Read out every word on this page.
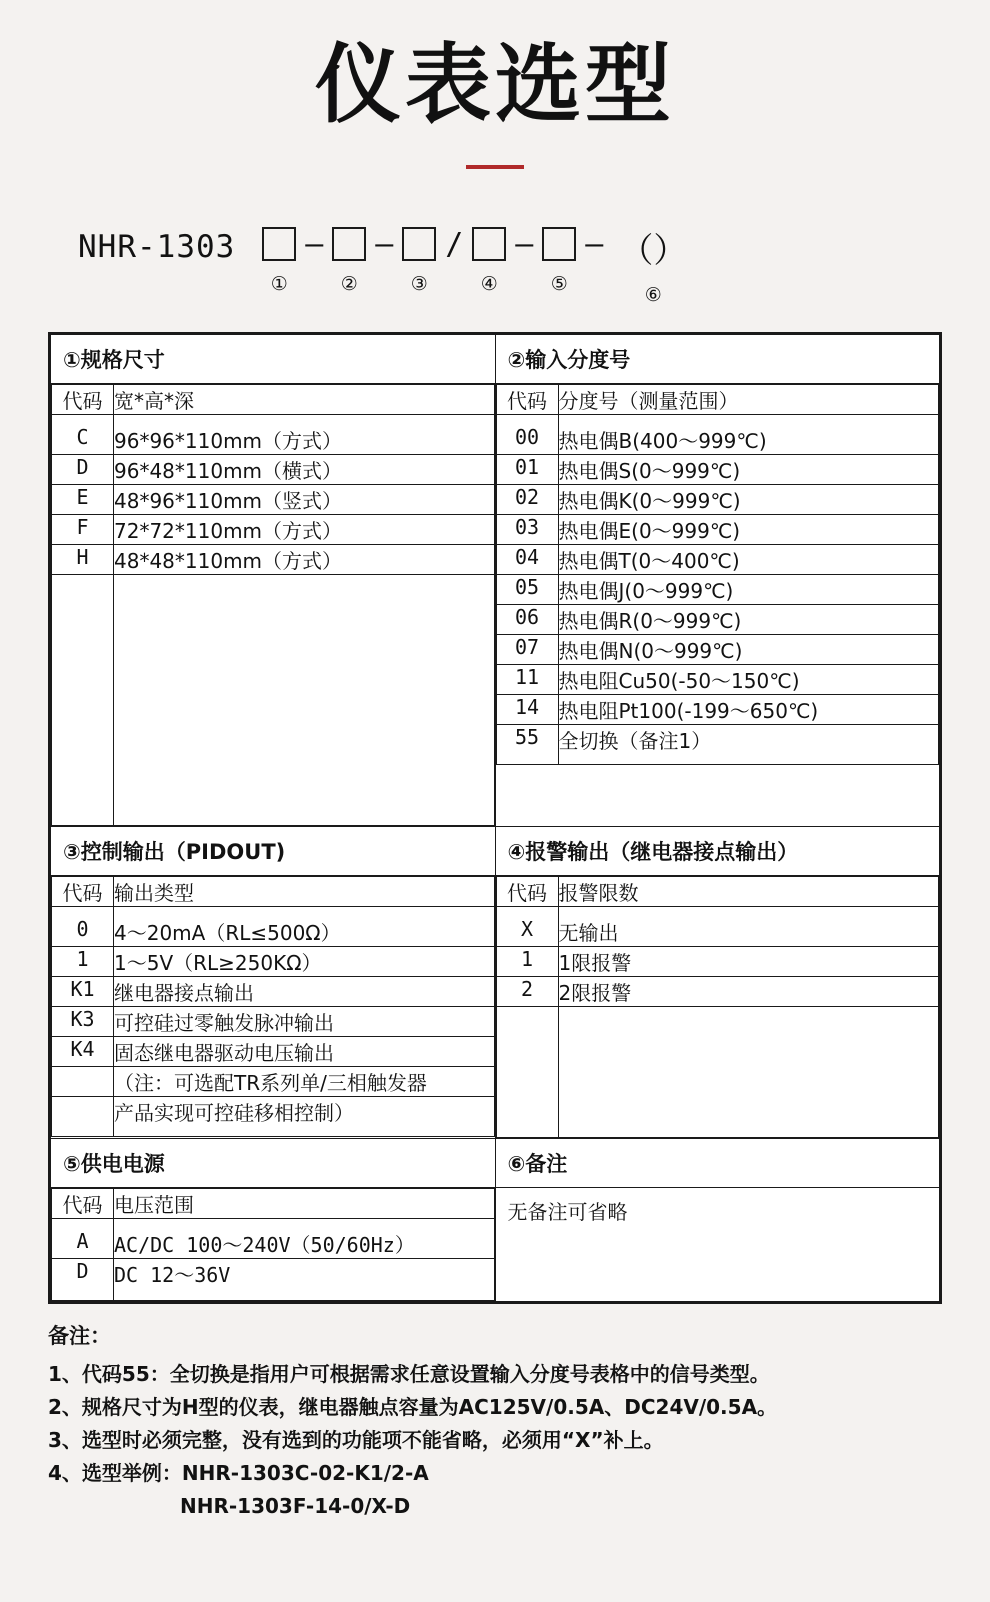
仪表选型
NHR-1303
①
—
②
—
③
/
④
—
⑤
— （ ）
⑥
①规格尺寸	②输入分度号

代码	宽*高*深
C	96*96*110mm（方式）
D	96*48*110mm（横式）
E	48*96*110mm（竖式）
F	72*72*110mm（方式）
H	48*48*110mm（方式）

代码	分度号（测量范围）
00	热电偶B(400～999℃)
01	热电偶S(0～999℃)
02	热电偶K(0～999℃)
03	热电偶E(0～999℃)
04	热电偶T(0～400℃)
05	热电偶J(0～999℃)
06	热电偶R(0～999℃)
07	热电偶N(0～999℃)
11	热电阻Cu50(-50～150℃)
14	热电阻Pt100(-199～650℃)
55	全切换（备注1）

③控制输出（PIDOUT)	④报警输出（继电器接点输出）

代码	输出类型
0	4～20mA（RL≤500Ω）
1	1～5V（RL≥250KΩ）
K1	继电器接点输出
K3	可控硅过零触发脉冲输出
K4	固态继电器驱动电压输出
	（注：可选配TR系列单/三相触发器
	产品实现可控硅移相控制）

代码	报警限数
X	无输出
1	1限报警
2	2限报警

⑤供电电源	⑥备注

代码	电压范围
A	AC/DC 100～240V（50/60Hz）
D	DC 12～36V

无备注可省略
备注：
1、代码55：全切换是指用户可根据需求任意设置输入分度号表格中的信号类型。
2、规格尺寸为H型的仪表，继电器触点容量为AC125V/0.5A、DC24V/0.5A。
3、选型时必须完整，没有选到的功能项不能省略，必须用“X”补上。
4、选型举例：NHR-1303C-02-K1/2-A
NHR-1303F-14-0/X-D
